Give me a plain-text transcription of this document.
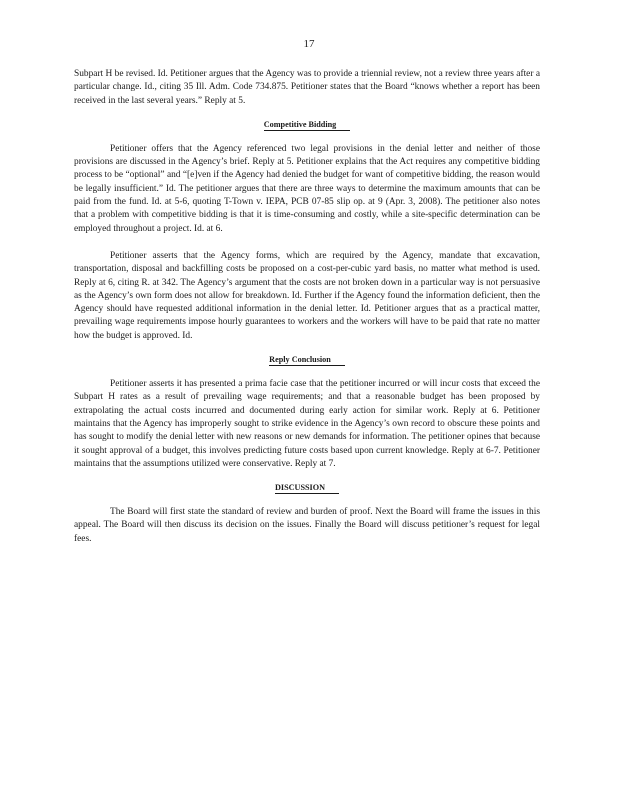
17

Subpart H be revised. Id. Petitioner argues that the Agency was to provide a triennial review, not a review three years after a particular change. Id., citing 35 Ill. Adm. Code 734.875. Petitioner states that the Board “knows whether a report has been received in the last several years.” Reply at 5.

Competitive Bidding

Petitioner offers that the Agency referenced two legal provisions in the denial letter and neither of those provisions are discussed in the Agency’s brief. Reply at 5. Petitioner explains that the Act requires any competitive bidding process to be “optional” and “[e]ven if the Agency had denied the budget for want of competitive bidding, the reason would be legally insufficient.” Id. The petitioner argues that there are three ways to determine the maximum amounts that can be paid from the fund. Id. at 5-6, quoting T-Town v. IEPA, PCB 07-85 slip op. at 9 (Apr. 3, 2008). The petitioner also notes that a problem with competitive bidding is that it is time-consuming and costly, while a site-specific determination can be employed throughout a project. Id. at 6.

Petitioner asserts that the Agency forms, which are required by the Agency, mandate that excavation, transportation, disposal and backfilling costs be proposed on a cost-per-cubic yard basis, no matter what method is used. Reply at 6, citing R. at 342. The Agency’s argument that the costs are not broken down in a particular way is not persuasive as the Agency’s own form does not allow for breakdown. Id. Further if the Agency found the information deficient, then the Agency should have requested additional information in the denial letter. Id. Petitioner argues that as a practical matter, prevailing wage requirements impose hourly guarantees to workers and the workers will have to be paid that rate no matter how the budget is approved. Id.

Reply Conclusion

Petitioner asserts it has presented a prima facie case that the petitioner incurred or will incur costs that exceed the Subpart H rates as a result of prevailing wage requirements; and that a reasonable budget has been proposed by extrapolating the actual costs incurred and documented during early action for similar work. Reply at 6. Petitioner maintains that the Agency has improperly sought to strike evidence in the Agency’s own record to obscure these points and has sought to modify the denial letter with new reasons or new demands for information. The petitioner opines that because it sought approval of a budget, this involves predicting future costs based upon current knowledge. Reply at 6-7. Petitioner maintains that the assumptions utilized were conservative. Reply at 7.

DISCUSSION

The Board will first state the standard of review and burden of proof. Next the Board will frame the issues in this appeal. The Board will then discuss its decision on the issues. Finally the Board will discuss petitioner’s request for legal fees.
